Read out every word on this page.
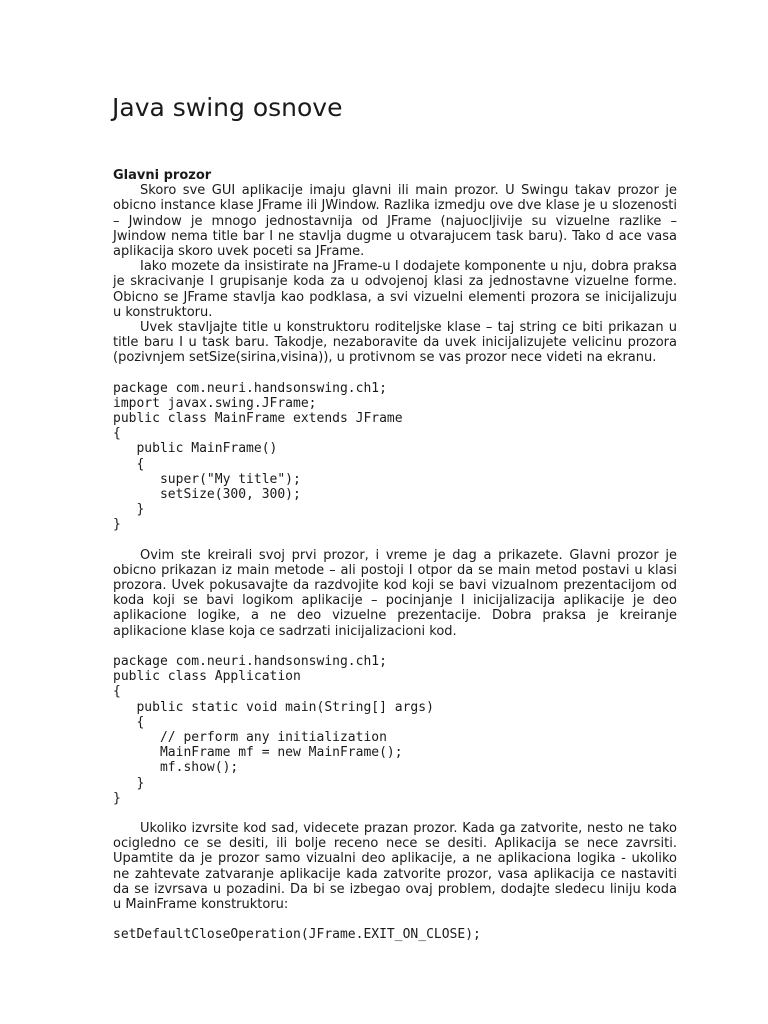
Java swing osnove

Glavni prozor

Skoro sve GUI aplikacije imaju glavni ili main prozor. U Swingu takav prozor je obicno instance klase JFrame ili JWindow. Razlika izmedju ove dve klase je u slozenosti – Jwindow je mnogo jednostavnija od JFrame (najuocljivije su vizuelne razlike – Jwindow nema title bar I ne stavlja dugme u otvarajucem task baru). Tako d ace vasa aplikacija skoro uvek poceti sa JFrame.

Iako mozete da insistirate na JFrame-u I dodajete komponente u nju, dobra praksa je skracivanje I grupisanje koda za u odvojenoj klasi za jednostavne vizuelne forme. Obicno se JFrame stavlja kao podklasa, a svi vizuelni elementi prozora se inicijalizuju u konstruktoru.

Uvek stavljajte title u konstruktoru roditeljske klase – taj string ce biti prikazan u title baru I u task baru. Takodje, nezaboravite da uvek inicijalizujete velicinu prozora (pozivnjem setSize(sirina,visina)), u protivnom se vas prozor nece videti na ekranu.

package com.neuri.handsonswing.ch1;
import javax.swing.JFrame;
public class MainFrame extends JFrame
{
public MainFrame()
{
super("My title");
setSize(300, 300);
}
}

Ovim ste kreirali svoj prvi prozor, i vreme je dag a prikazete. Glavni prozor je obicno prikazan iz main metode – ali postoji I otpor da se main metod postavi u klasi prozora. Uvek pokusavajte da razdvojite kod koji se bavi vizualnom prezentacijom od koda koji se bavi logikom aplikacije – pocinjanje I inicijalizacija aplikacije je deo aplikacione logike, a ne deo vizuelne prezentacije. Dobra praksa je kreiranje aplikacione klase koja ce sadrzati inicijalizacioni kod.

package com.neuri.handsonswing.ch1;
public class Application
{
public static void main(String[] args)
{
// perform any initialization
MainFrame mf = new MainFrame();
mf.show();
}
}

Ukoliko izvrsite kod sad, videcete prazan prozor. Kada ga zatvorite, nesto ne tako ocigledno ce se desiti, ili bolje receno nece se desiti. Aplikacija se nece zavrsiti. Upamtite da je prozor samo vizualni deo aplikacije, a ne aplikaciona logika - ukoliko ne zahtevate zatvaranje aplikacije kada zatvorite prozor, vasa aplikacija ce nastaviti da se izvrsava u pozadini. Da bi se izbegao ovaj problem, dodajte sledecu liniju koda u MainFrame konstruktoru:

setDefaultCloseOperation(JFrame.EXIT_ON_CLOSE);
